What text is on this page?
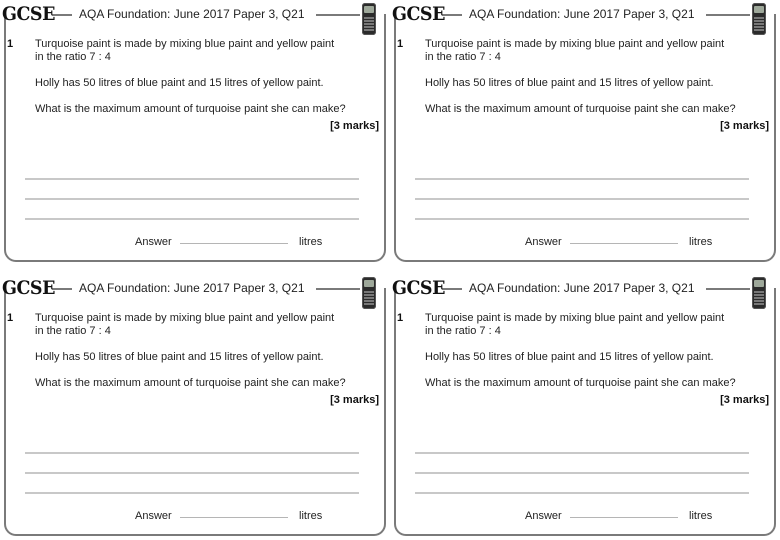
GCSE AQA Foundation: June 2017 Paper 3, Q21
1 Turquoise paint is made by mixing blue paint and yellow paint
in the ratio 7 : 4
Holly has 50 litres of blue paint and 15 litres of yellow paint.
What is the maximum amount of turquoise paint she can make?
[3 marks]
Answer	litres
GCSE AQA Foundation: June 2017 Paper 3, Q21
1 Turquoise paint is made by mixing blue paint and yellow paint
in the ratio 7 : 4
Holly has 50 litres of blue paint and 15 litres of yellow paint.
What is the maximum amount of turquoise paint she can make?
[3 marks]
Answer	litres
GCSE AQA Foundation: June 2017 Paper 3, Q21
1 Turquoise paint is made by mixing blue paint and yellow paint
in the ratio 7 : 4
Holly has 50 litres of blue paint and 15 litres of yellow paint.
What is the maximum amount of turquoise paint she can make?
[3 marks]
Answer	litres
GCSE AQA Foundation: June 2017 Paper 3, Q21
1 Turquoise paint is made by mixing blue paint and yellow paint
in the ratio 7 : 4
Holly has 50 litres of blue paint and 15 litres of yellow paint.
What is the maximum amount of turquoise paint she can make?
[3 marks]
Answer	litres
